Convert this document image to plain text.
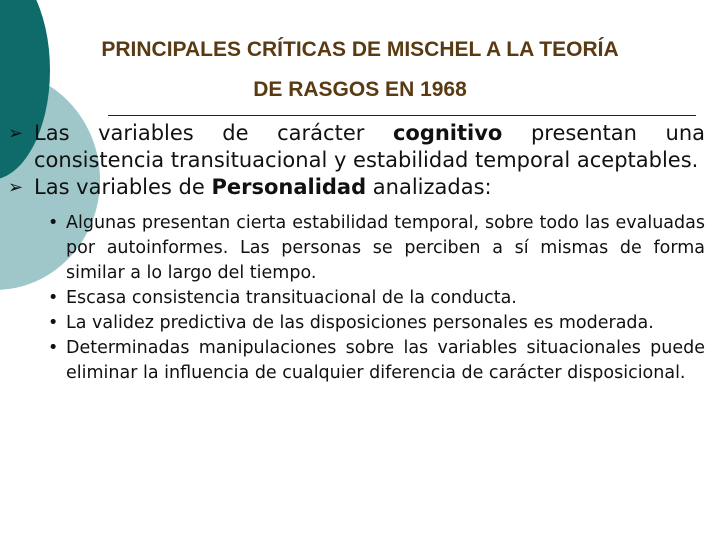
PRINCIPALES CRÍTICAS DE MISCHEL A LA TEORÍA
DE RASGOS EN 1968

➢ Las variables de carácter cognitivo presentan una consistencia transituacional y estabilidad temporal aceptables.

➢ Las variables de Personalidad analizadas:

• Algunas presentan cierta estabilidad temporal, sobre todo las evaluadas por autoinformes. Las personas se perciben a sí mismas de forma similar a lo largo del tiempo.

• Escasa consistencia transituacional de la conducta.

• La validez predictiva de las disposiciones personales es moderada.

• Determinadas manipulaciones sobre las variables situacionales puede eliminar la influencia de cualquier diferencia de carácter disposicional.
